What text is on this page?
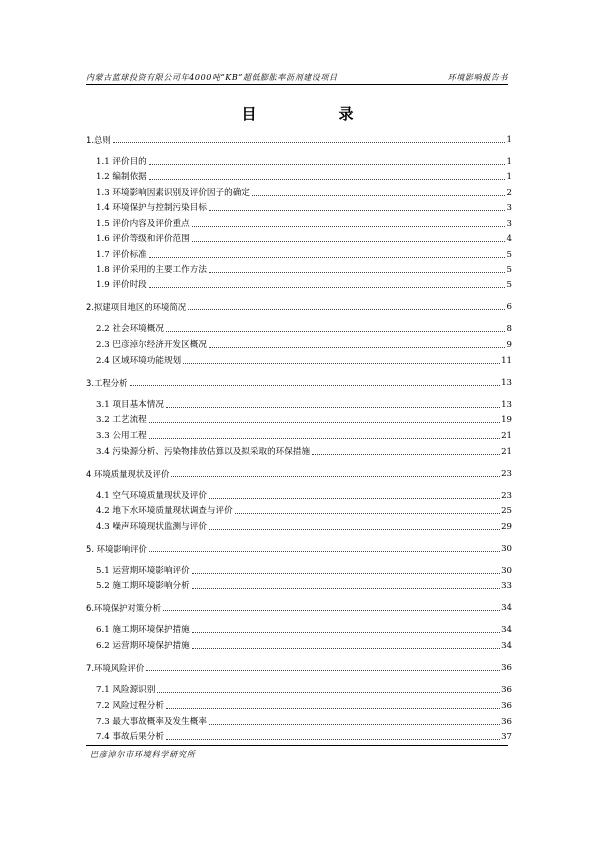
内蒙古蓝球投资有限公司年4000吨“KB”超低膨胀率沥剂建设项目	环境影响报告书
目录
1.总则	1
1.1 评价目的	1
1.2 编制依据	1
1.3 环境影响因素识别及评价因子的确定	2
1.4 环境保护与控制污染目标	3
1.5 评价内容及评价重点	3
1.6 评价等级和评价范围	4
1.7 评价标准	5
1.8 评价采用的主要工作方法	5
1.9 评价时段	5
2.拟建项目地区的环境简况	6
2.2 社会环境概况	8
2.3 巴彦淖尔经济开发区概况	9
2.4 区域环境功能规划	11
3.工程分析	13
3.1 项目基本情况	13
3.2 工艺流程	19
3.3 公用工程	21
3.4 污染源分析、污染物排放估算以及拟采取的环保措施	21
4 环境质量现状及评价	23
4.1 空气环境质量现状及评价	23
4.2 地下水环境质量现状调查与评价	25
4.3 噪声环境现状监测与评价	29
5. 环境影响评价	30
5.1 运营期环境影响评价	30
5.2 施工期环境影响分析	33
6.环境保护对策分析	34
6.1 施工期环境保护措施	34
6.2 运营期环境保护措施	34
7.环境风险评价	36
7.1 风险源识别	36
7.2 风险过程分析	36
7.3 最大事故概率及发生概率	36
7.4 事故后果分析	37
巴彦淖尔市环境科学研究所
